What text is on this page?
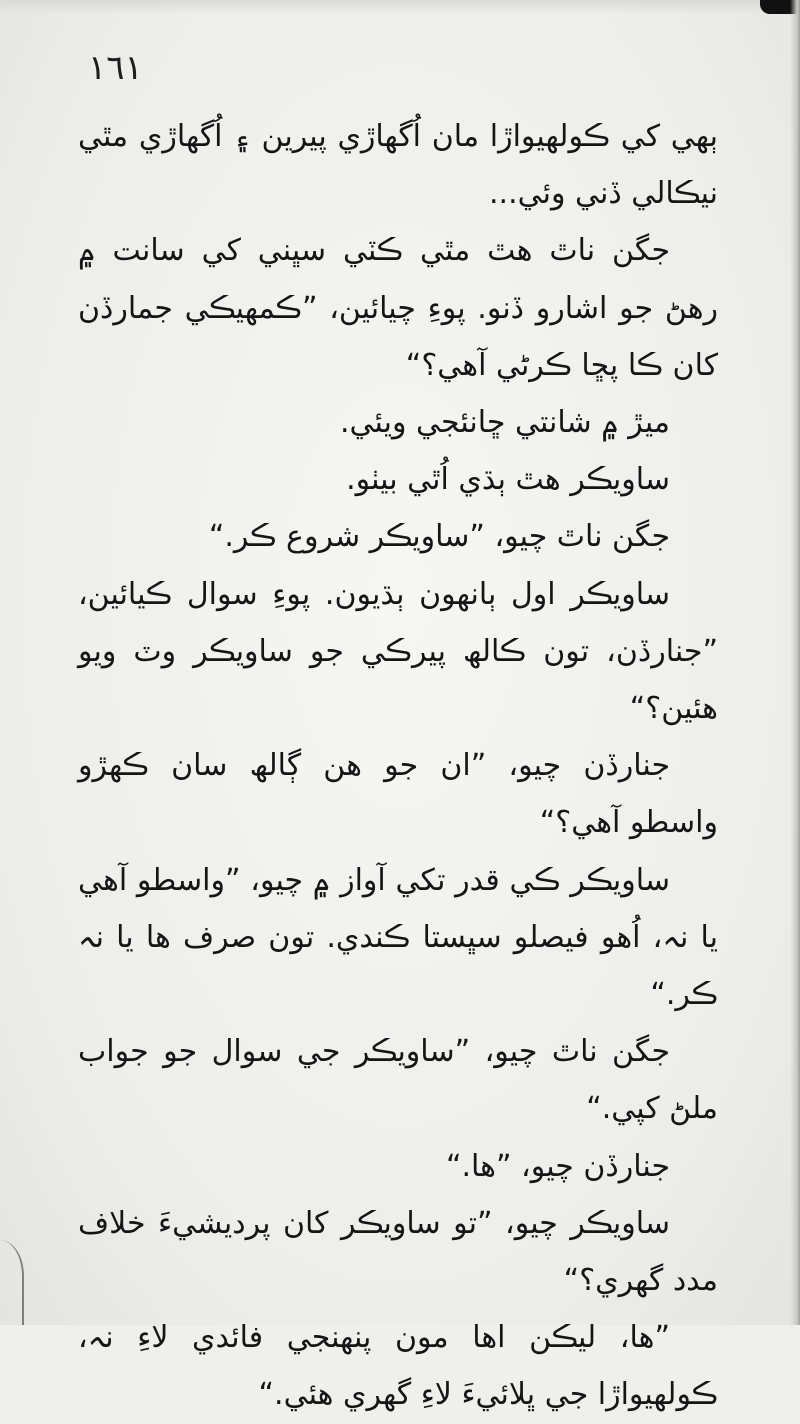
١٦١

ٻھي کي ڪولھيواڙا مان اُگھاڙي پيرين ۽ اُگھاڙي مٿي نيڪالي ڏني وئي...

جگن ناٿ هٿ مٿي ڪٽي سڀني کي سانت ۾ رهڻ جو اشارو ڏنو. پوءِ چيائين، ”ڪمھيڪي جمارڏن کان ڪا پڇا ڪرڻي آھي؟“

ميڙ ۾ شانتي ڇانئجي ويئي.

ساويڪر هٿ ٻڌي اُٿي بيٺو.

جگن ناٿ چيو، ”ساويڪر شروع ڪر.“

ساويڪر اول ٻانھون ٻڌيون. پوءِ سوال ڪيائين، ”جنارڏن، تون ڪالھ پيرڪي جو ساويڪر وٽ ويو ھئين؟“

جنارڏن چيو، ”ان جو هن ڳالھ سان ڪھڙو واسطو آھي؟“

ساويڪر ڪي قدر تکي آواز ۾ چيو، ”واسطو آھي يا نہ، اُھو فيصلو سڀستا ڪندي. تون صرف ھا يا نہ ڪر.“

جگن ناٿ چيو، ”ساويڪر جي سوال جو جواب ملڻ کپي.“

جنارڏن چيو، ”ھا.“

ساويڪر چيو، ”تو ساويڪر کان پرديشيءَ خلاف مدد گھري؟“

”ھا، ليڪن اھا مون پنھنجي فائدي لاءِ نہ، ڪولھيواڙا جي ڀلائيءَ لاءِ گھري ھئي.“
